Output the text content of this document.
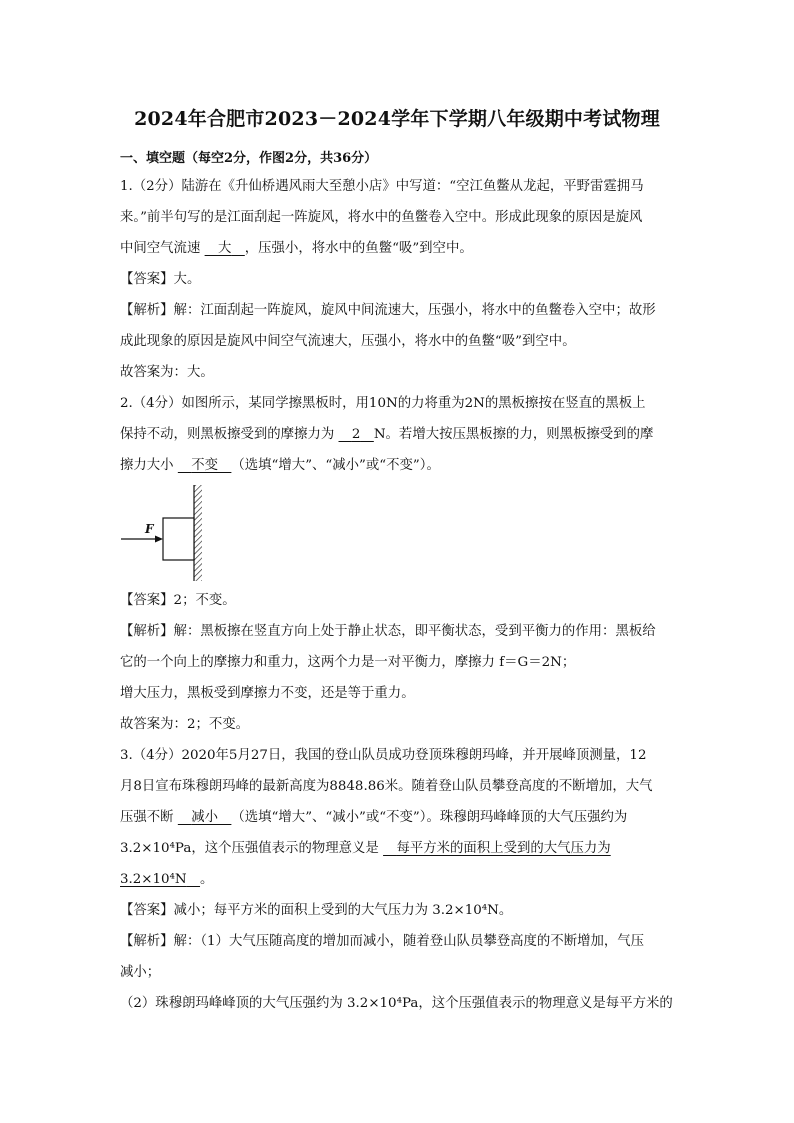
2024年合肥市2023－2024学年下学期八年级期中考试物理
一、填空题（每空2分，作图2分，共36分）
1.（2分）陆游在《升仙桥遇风雨大至憩小店》中写道：“空江鱼鳖从龙起，平野雷霆拥马
来。”前半句写的是江面刮起一阵旋风，将水中的鱼鳖卷入空中。形成此现象的原因是旋风
中间空气流速    大   ，压强小，将水中的鱼鳖“吸”到空中。
【答案】大。
【解析】解：江面刮起一阵旋风，旋风中间流速大，压强小，将水中的鱼鳖卷入空中；故形
成此现象的原因是旋风中间空气流速大，压强小，将水中的鱼鳖“吸”到空中。
故答案为：大。
2.（4分）如图所示，某同学擦黑板时，用10N的力将重为2N的黑板擦按在竖直的黑板上
保持不动，则黑板擦受到的摩擦力为    2   N。若增大按压黑板擦的力，则黑板擦受到的摩
擦力大小    不变   （选填“增大”、“减小”或“不变”）。
F
【答案】2；不变。
【解析】解：黑板擦在竖直方向上处于静止状态，即平衡状态，受到平衡力的作用：黑板给
它的一个向上的摩擦力和重力，这两个力是一对平衡力，摩擦力 f＝G＝2N；
增大压力，黑板受到摩擦力不变，还是等于重力。
故答案为：2；不变。
3.（4分）2020年5月27日，我国的登山队员成功登顶珠穆朗玛峰，并开展峰顶测量，12
月8日宣布珠穆朗玛峰的最新高度为8848.86米。随着登山队员攀登高度的不断增加，大气
压强不断    减小   （选填“增大”、“减小”或“不变”）。珠穆朗玛峰峰顶的大气压强约为
3.2×10⁴Pa，这个压强值表示的物理意义是    每平方米的面积上受到的大气压力为
3.2×10⁴N   。
【答案】减小；每平方米的面积上受到的大气压力为 3.2×10⁴N。
【解析】解：（1）大气压随高度的增加而减小，随着登山队员攀登高度的不断增加，气压
减小；
（2）珠穆朗玛峰峰顶的大气压强约为 3.2×10⁴Pa，这个压强值表示的物理意义是每平方米的
